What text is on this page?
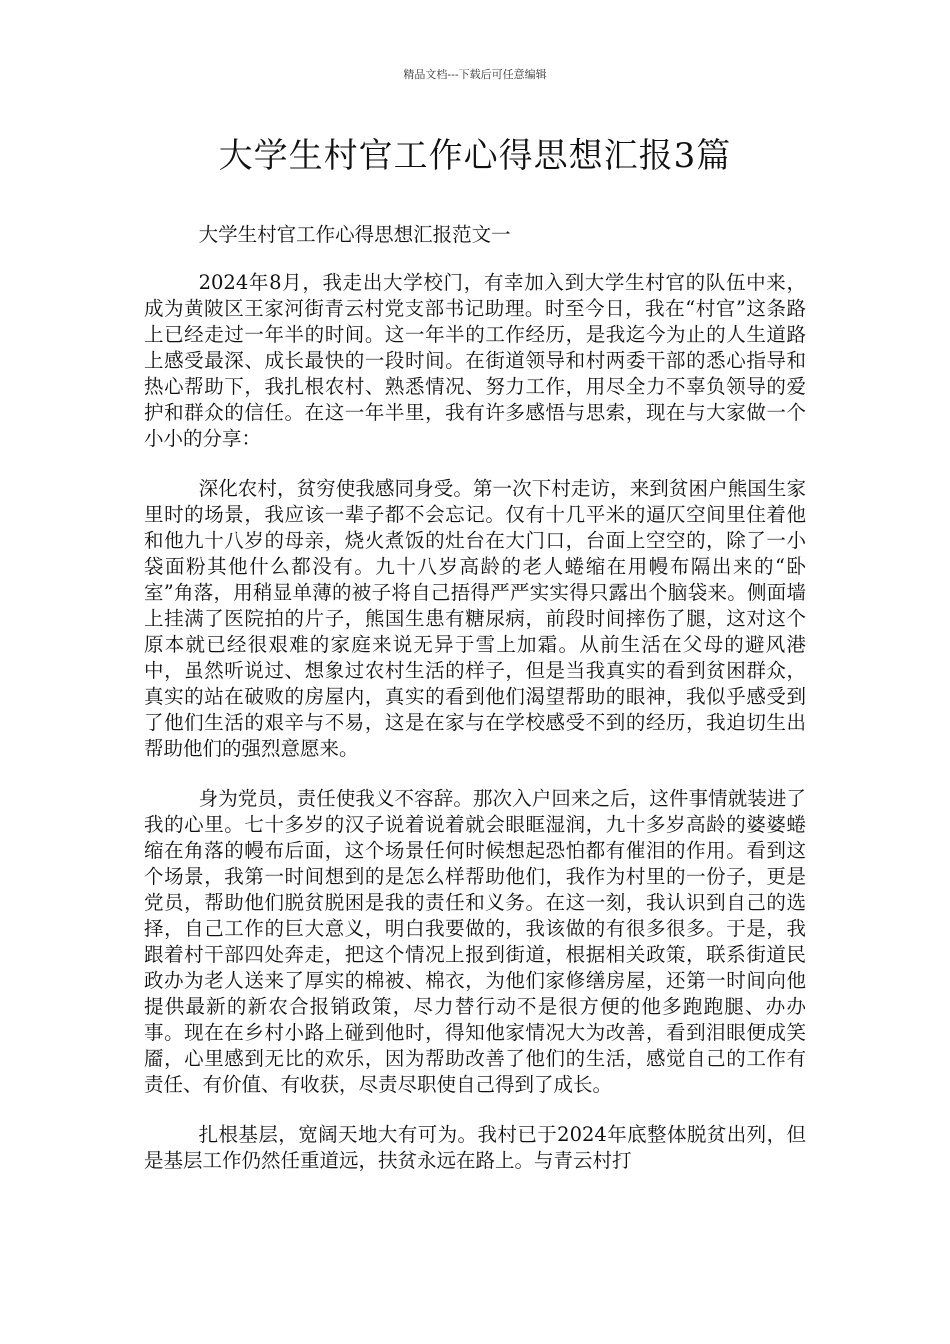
精品文档---下载后可任意编辑
大学生村官工作心得思想汇报3篇

大学生村官工作心得思想汇报范文一

2024年8月，我走出大学校门，有幸加入到大学生村官的队伍中来，成为黄陂区王家河街青云村党支部书记助理。时至今日，我在“村官”这条路上已经走过一年半的时间。这一年半的工作经历，是我迄今为止的人生道路上感受最深、成长最快的一段时间。在街道领导和村两委干部的悉心指导和热心帮助下，我扎根农村、熟悉情况、努力工作，用尽全力不辜负领导的爱护和群众的信任。在这一年半里，我有许多感悟与思索，现在与大家做一个小小的分享：

深化农村，贫穷使我感同身受。第一次下村走访，来到贫困户熊国生家里时的场景，我应该一辈子都不会忘记。仅有十几平米的逼仄空间里住着他和他九十八岁的母亲，烧火煮饭的灶台在大门口，台面上空空的，除了一小袋面粉其他什么都没有。九十八岁高龄的老人蜷缩在用幔布隔出来的“卧室”角落，用稍显单薄的被子将自己捂得严严实实得只露出个脑袋来。侧面墙上挂满了医院拍的片子，熊国生患有糖尿病，前段时间摔伤了腿，这对这个原本就已经很艰难的家庭来说无异于雪上加霜。从前生活在父母的避风港中，虽然听说过、想象过农村生活的样子，但是当我真实的看到贫困群众，真实的站在破败的房屋内，真实的看到他们渴望帮助的眼神，我似乎感受到了他们生活的艰辛与不易，这是在家与在学校感受不到的经历，我迫切生出帮助他们的强烈意愿来。

身为党员，责任使我义不容辞。那次入户回来之后，这件事情就装进了我的心里。七十多岁的汉子说着说着就会眼眶湿润，九十多岁高龄的婆婆蜷缩在角落的幔布后面，这个场景任何时候想起恐怕都有催泪的作用。看到这个场景，我第一时间想到的是怎么样帮助他们，我作为村里的一份子，更是党员，帮助他们脱贫脱困是我的责任和义务。在这一刻，我认识到自己的选择，自己工作的巨大意义，明白我要做的，我该做的有很多很多。于是，我跟着村干部四处奔走，把这个情况上报到街道，根据相关政策，联系街道民政办为老人送来了厚实的棉被、棉衣，为他们家修缮房屋，还第一时间向他提供最新的新农合报销政策，尽力替行动不是很方便的他多跑跑腿、办办事。现在在乡村小路上碰到他时，得知他家情况大为改善，看到泪眼便成笑靥，心里感到无比的欢乐，因为帮助改善了他们的生活，感觉自己的工作有责任、有价值、有收获，尽责尽职使自己得到了成长。

扎根基层，宽阔天地大有可为。我村已于2024年底整体脱贫出列，但是基层工作仍然任重道远，扶贫永远在路上。与青云村打
